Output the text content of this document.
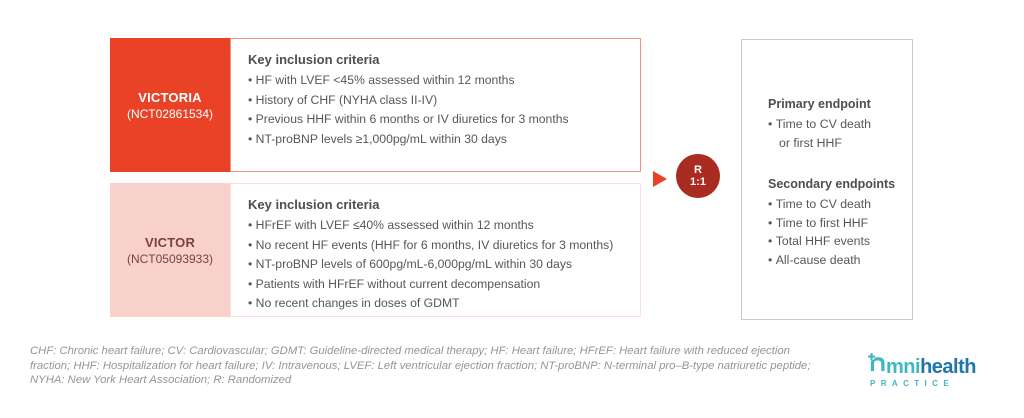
VICTORIA
(NCT02861534)
Key inclusion criteria
• HF with LVEF <45% assessed within 12 months
• History of CHF (NYHA class II-IV)
• Previous HHF within 6 months or IV diuretics for 3 months
• NT-proBNP levels ≥1,000pg/mL within 30 days
VICTOR
(NCT05093933)
Key inclusion criteria
• HFrEF with LVEF ≤40% assessed within 12 months
• No recent HF events (HHF for 6 months, IV diuretics for 3 months)
• NT-proBNP levels of 600pg/mL-6,000pg/mL within 30 days
• Patients with HFrEF without current decompensation
• No recent changes in doses of GDMT
R
1:1
Primary endpoint
• Time to CV death or first HHF
Secondary endpoints
• Time to CV death
• Time to first HHF
• Total HHF events
• All-cause death
CHF: Chronic heart failure; CV: Cardiovascular; GDMT: Guideline-directed medical therapy; HF: Heart failure; HFrEF: Heart failure with reduced ejection fraction; HHF: Hospitalization for heart failure; IV: Intravenous; LVEF: Left ventricular ejection fraction; NT-proBNP: N-terminal pro–B-type natriuretic peptide; NYHA: New York Heart Association; R: Randomized
mni health
PRACTICE
